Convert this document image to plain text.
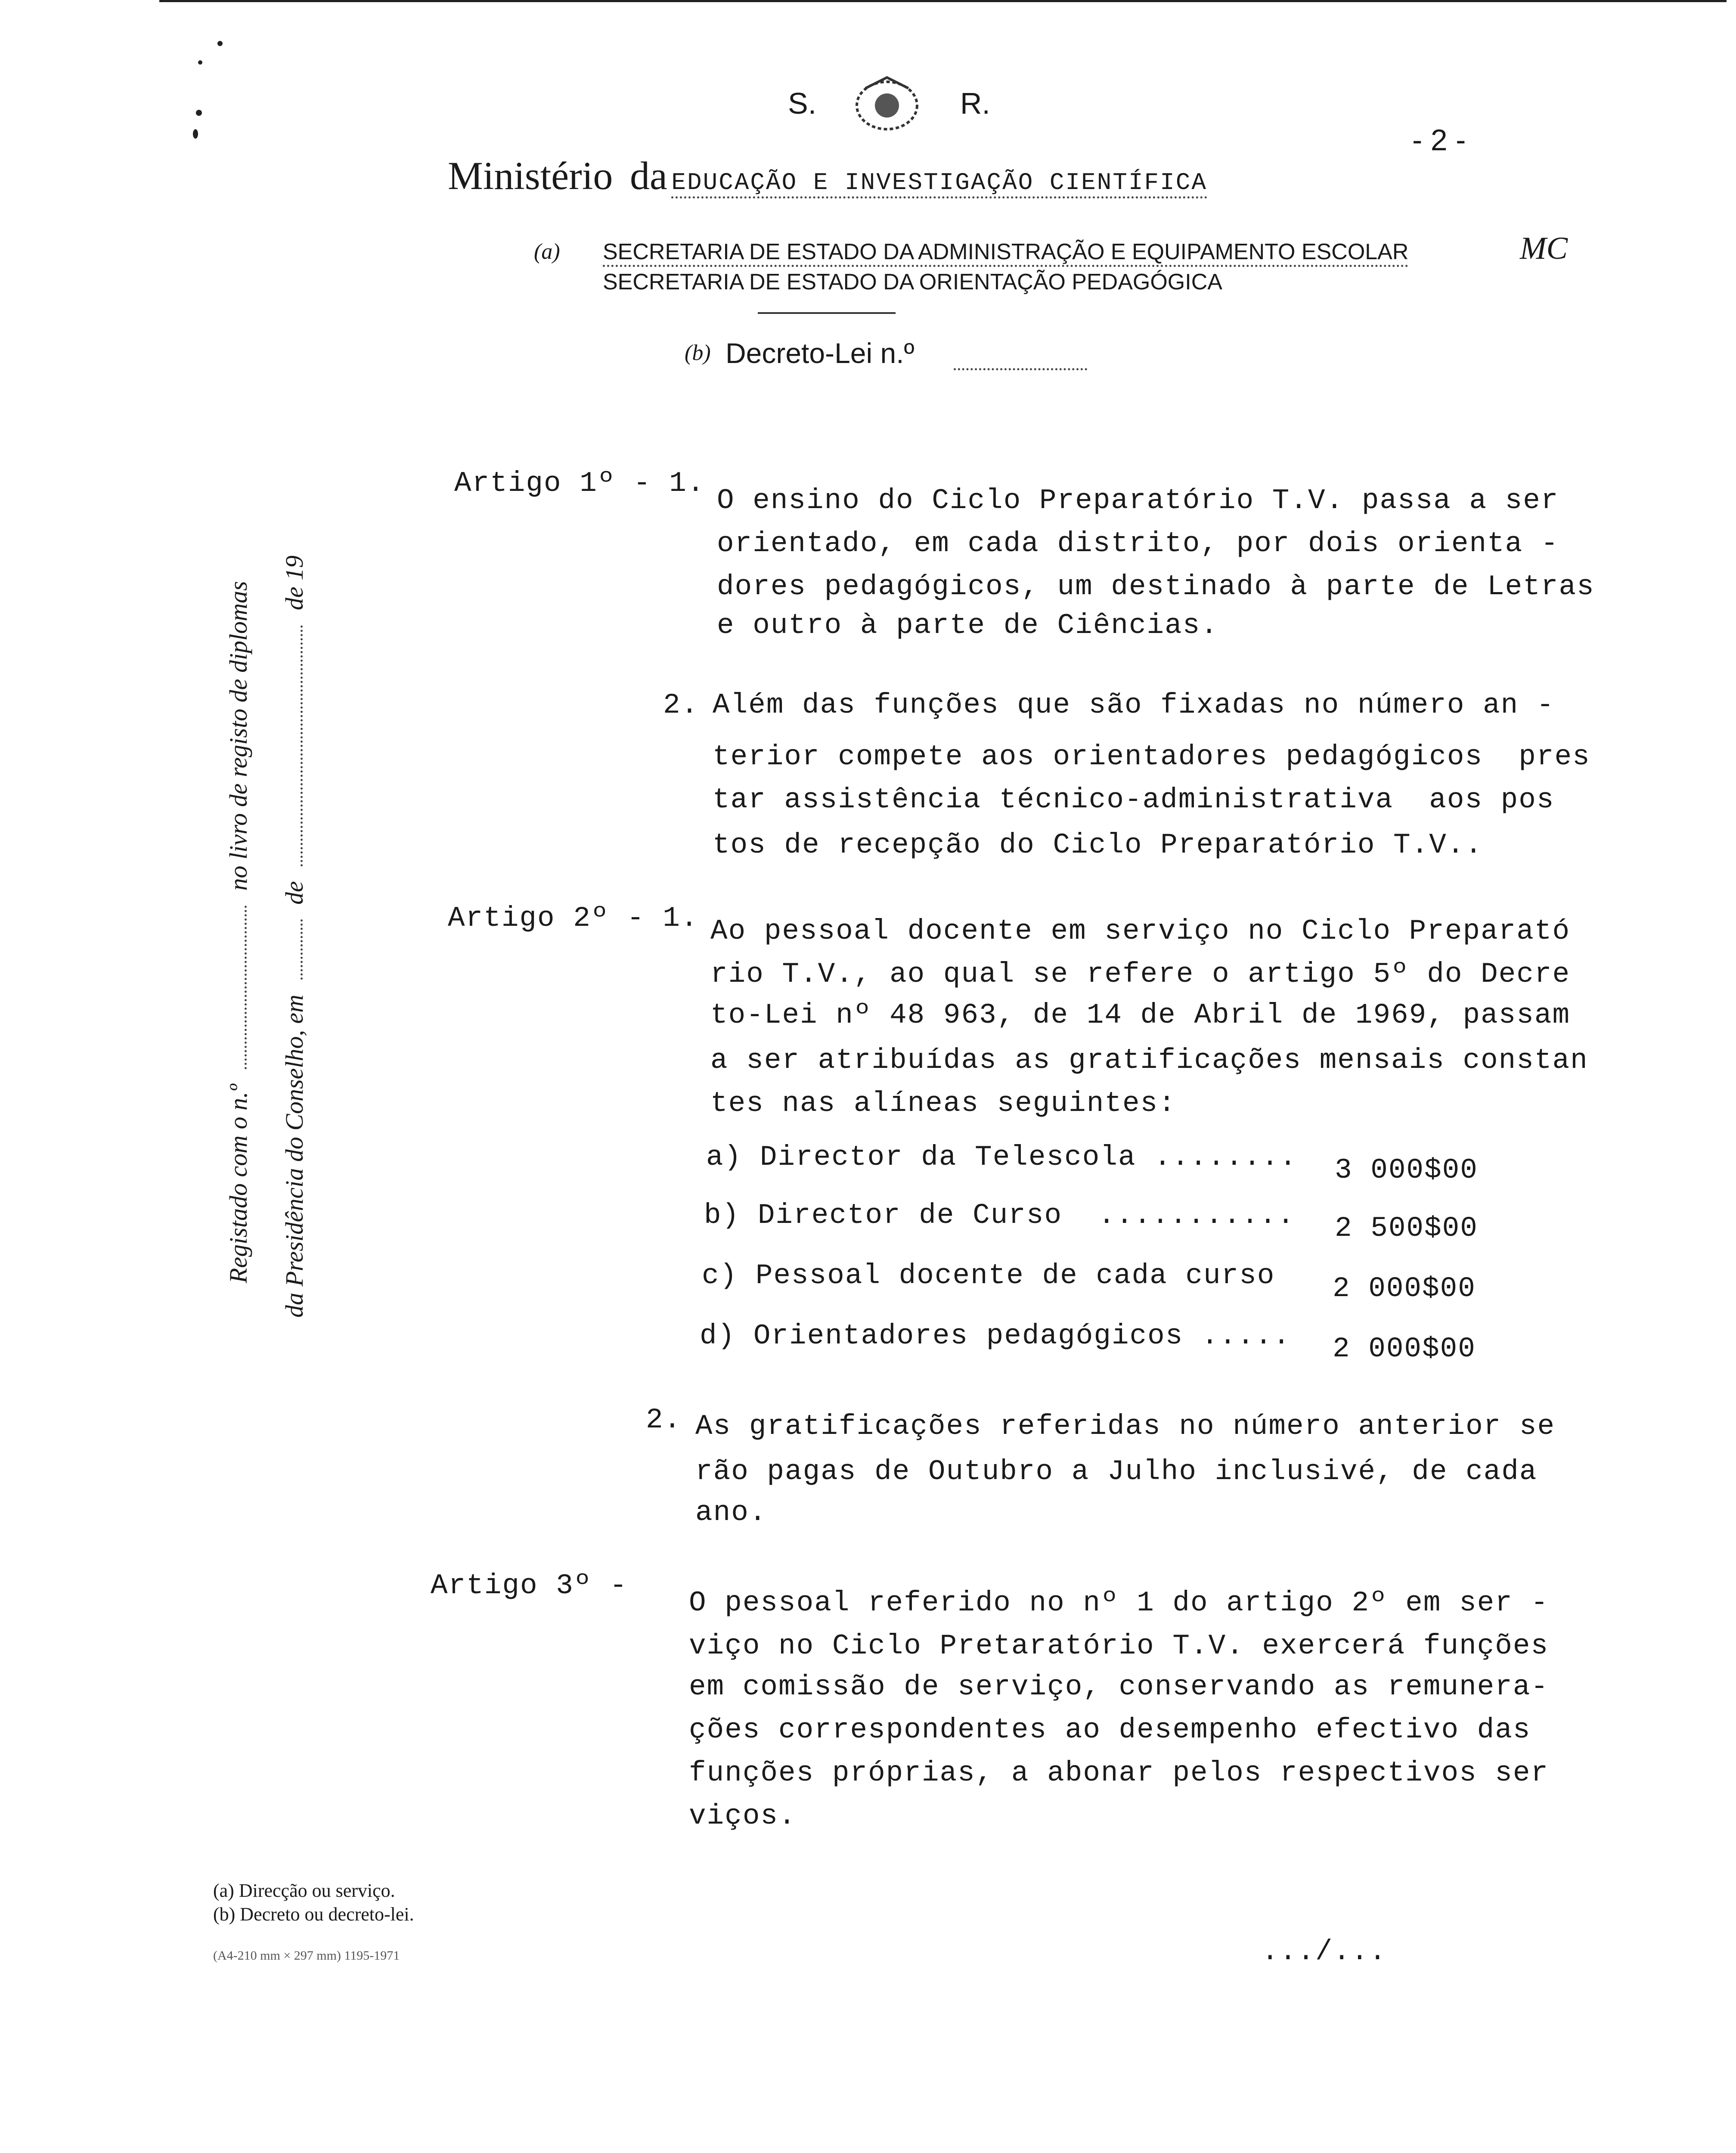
S.	R.
- 2 -
Ministério da EDUCAÇÃO E INVESTIGAÇÃO CIENTÍFICA
(a) SECRETARIA DE ESTADO DA ADMINISTRAÇÃO E EQUIPAMENTO ESCOLAR
SECRETARIA DE ESTADO DA ORIENTAÇÃO PEDAGÓGICA
MC
(b) Decreto-Lei n.º
Registado com o n.º  no livro de registo de diplomas
da Presidência do Conselho, em  de  de 19
Artigo 1º - 1.
O ensino do Ciclo Preparatório T.V. passa a ser
orientado, em cada distrito, por dois orienta -
dores pedagógicos, um destinado à parte de Letras
e outro à parte de Ciências.
2. Além das funções que são fixadas no número an -
terior compete aos orientadores pedagógicos  pres
tar assistência técnico-administrativa  aos pos
tos de recepção do Ciclo Preparatório T.V..
Artigo 2º - 1. Ao pessoal docente em serviço no Ciclo Preparató
rio T.V., ao qual se refere o artigo 5º do Decre
to-Lei nº 48 963, de 14 de Abril de 1969, passam
a ser atribuídas as gratificações mensais constan
tes nas alíneas seguintes:
a) Director da Telescola ........ 3 000$00
b) Director de Curso  ........... 2 500$00
c) Pessoal docente de cada curso 2 000$00
d) Orientadores pedagógicos ..... 2 000$00
2. As gratificações referidas no número anterior se
rão pagas de Outubro a Julho inclusivé, de cada
ano.
Artigo 3º -
O pessoal referido no nº 1 do artigo 2º em ser -
viço no Ciclo Pretaratório T.V. exercerá funções
em comissão de serviço, conservando as remunera-
ções correspondentes ao desempenho efectivo das
funções próprias, a abonar pelos respectivos ser
viços.
(a) Direcção ou serviço.
(b) Decreto ou decreto-lei.
(A4-210 mm × 297 mm) 1195-1971	.../...
